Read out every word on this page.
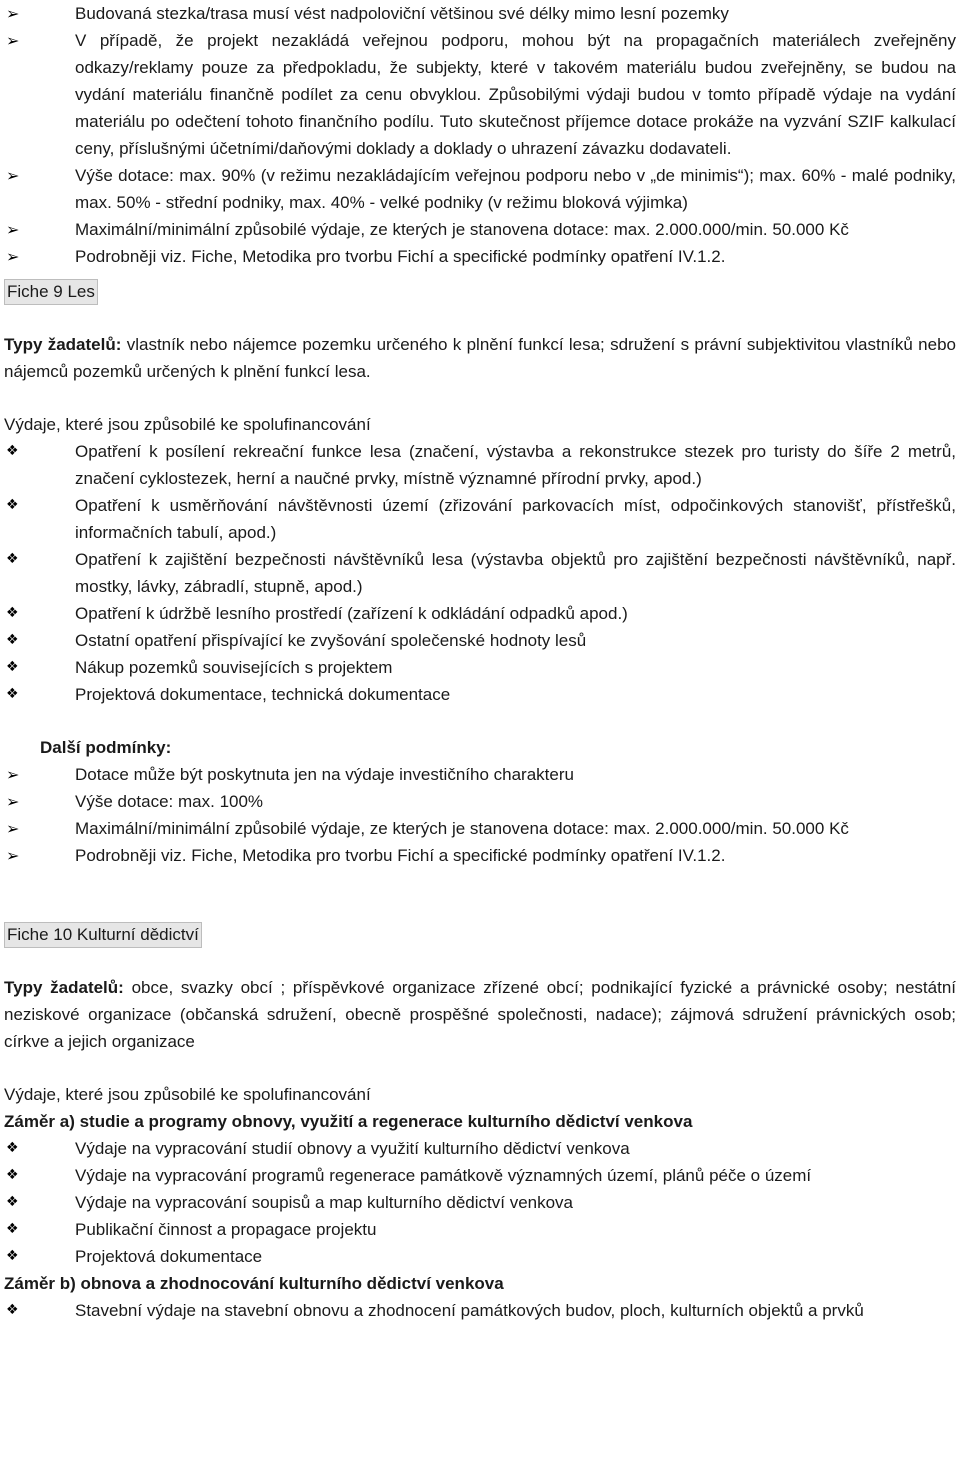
➢	Budovaná stezka/trasa musí vést nadpoloviční většinou své délky mimo lesní pozemky
➢	V případě, že projekt nezakládá veřejnou podporu, mohou být na propagačních materiálech zveřejněny odkazy/reklamy pouze za předpokladu, že subjekty, které v takovém materiálu budou zveřejněny, se budou na vydání materiálu finančně podílet za cenu obvyklou. Způsobilými výdaji budou v tomto případě výdaje na vydání materiálu po odečtení tohoto finančního podílu. Tuto skutečnost příjemce dotace prokáže na vyzvání SZIF kalkulací ceny, příslušnými účetními/daňovými doklady a doklady o uhrazení závazku dodavateli.
➢	Výše dotace: max. 90% (v režimu nezakládajícím veřejnou podporu nebo v „de minimis“); max. 60% - malé podniky, max. 50% - střední podniky, max. 40% - velké podniky (v režimu bloková výjimka)
➢	Maximální/minimální způsobilé výdaje, ze kterých je stanovena dotace: max. 2.000.000/min. 50.000 Kč
➢	Podrobněji viz. Fiche, Metodika pro tvorbu Fichí a specifické podmínky opatření IV.1.2.
Fiche 9 Les

Typy žadatelů: vlastník nebo nájemce pozemku určeného k plnění funkcí lesa; sdružení s právní subjektivitou vlastníků nebo nájemců pozemků určených k plnění funkcí lesa.

Výdaje, které jsou způsobilé ke spolufinancování

❖	Opatření k posílení rekreační funkce lesa (značení, výstavba a rekonstrukce stezek pro turisty do šíře 2 metrů, značení cyklostezek, herní a naučné prvky, místně významné přírodní prvky, apod.)
❖	Opatření k usměrňování návštěvnosti území (zřizování parkovacích míst, odpočinkových stanovišť, přístřešků, informačních tabulí, apod.)
❖	Opatření k zajištění bezpečnosti návštěvníků lesa (výstavba objektů pro zajištění bezpečnosti návštěvníků, např. mostky, lávky, zábradlí, stupně, apod.)
❖	Opatření k údržbě lesního prostředí (zařízení k odkládání odpadků apod.)
❖	Ostatní opatření přispívající ke zvyšování společenské hodnoty lesů
❖	Nákup pozemků souvisejících s projektem
❖	Projektová dokumentace, technická dokumentace

Další podmínky:

➢	Dotace může být poskytnuta jen na výdaje investičního charakteru
➢	Výše dotace: max. 100%
➢	Maximální/minimální způsobilé výdaje, ze kterých je stanovena dotace: max. 2.000.000/min. 50.000 Kč
➢	Podrobněji viz. Fiche, Metodika pro tvorbu Fichí a specifické podmínky opatření IV.1.2.
Fiche 10 Kulturní dědictví

Typy žadatelů: obce, svazky obcí ; příspěvkové organizace zřízené obcí; podnikající fyzické a právnické osoby; nestátní neziskové organizace (občanská sdružení, obecně prospěšné společnosti, nadace); zájmová sdružení právnických osob; církve a jejich organizace

Výdaje, které jsou způsobilé ke spolufinancování

Záměr a) studie a programy obnovy, využití a regenerace kulturního dědictví venkova

❖	Výdaje na vypracování studií obnovy a využití kulturního dědictví venkova
❖	Výdaje na vypracování programů regenerace památkově významných území, plánů péče o území
❖	Výdaje na vypracování soupisů a map kulturního dědictví venkova
❖	Publikační činnost a propagace projektu
❖	Projektová dokumentace

Záměr b) obnova a zhodnocování kulturního dědictví venkova

❖	Stavební výdaje na stavební obnovu a zhodnocení památkových budov, ploch, kulturních objektů a prvků
